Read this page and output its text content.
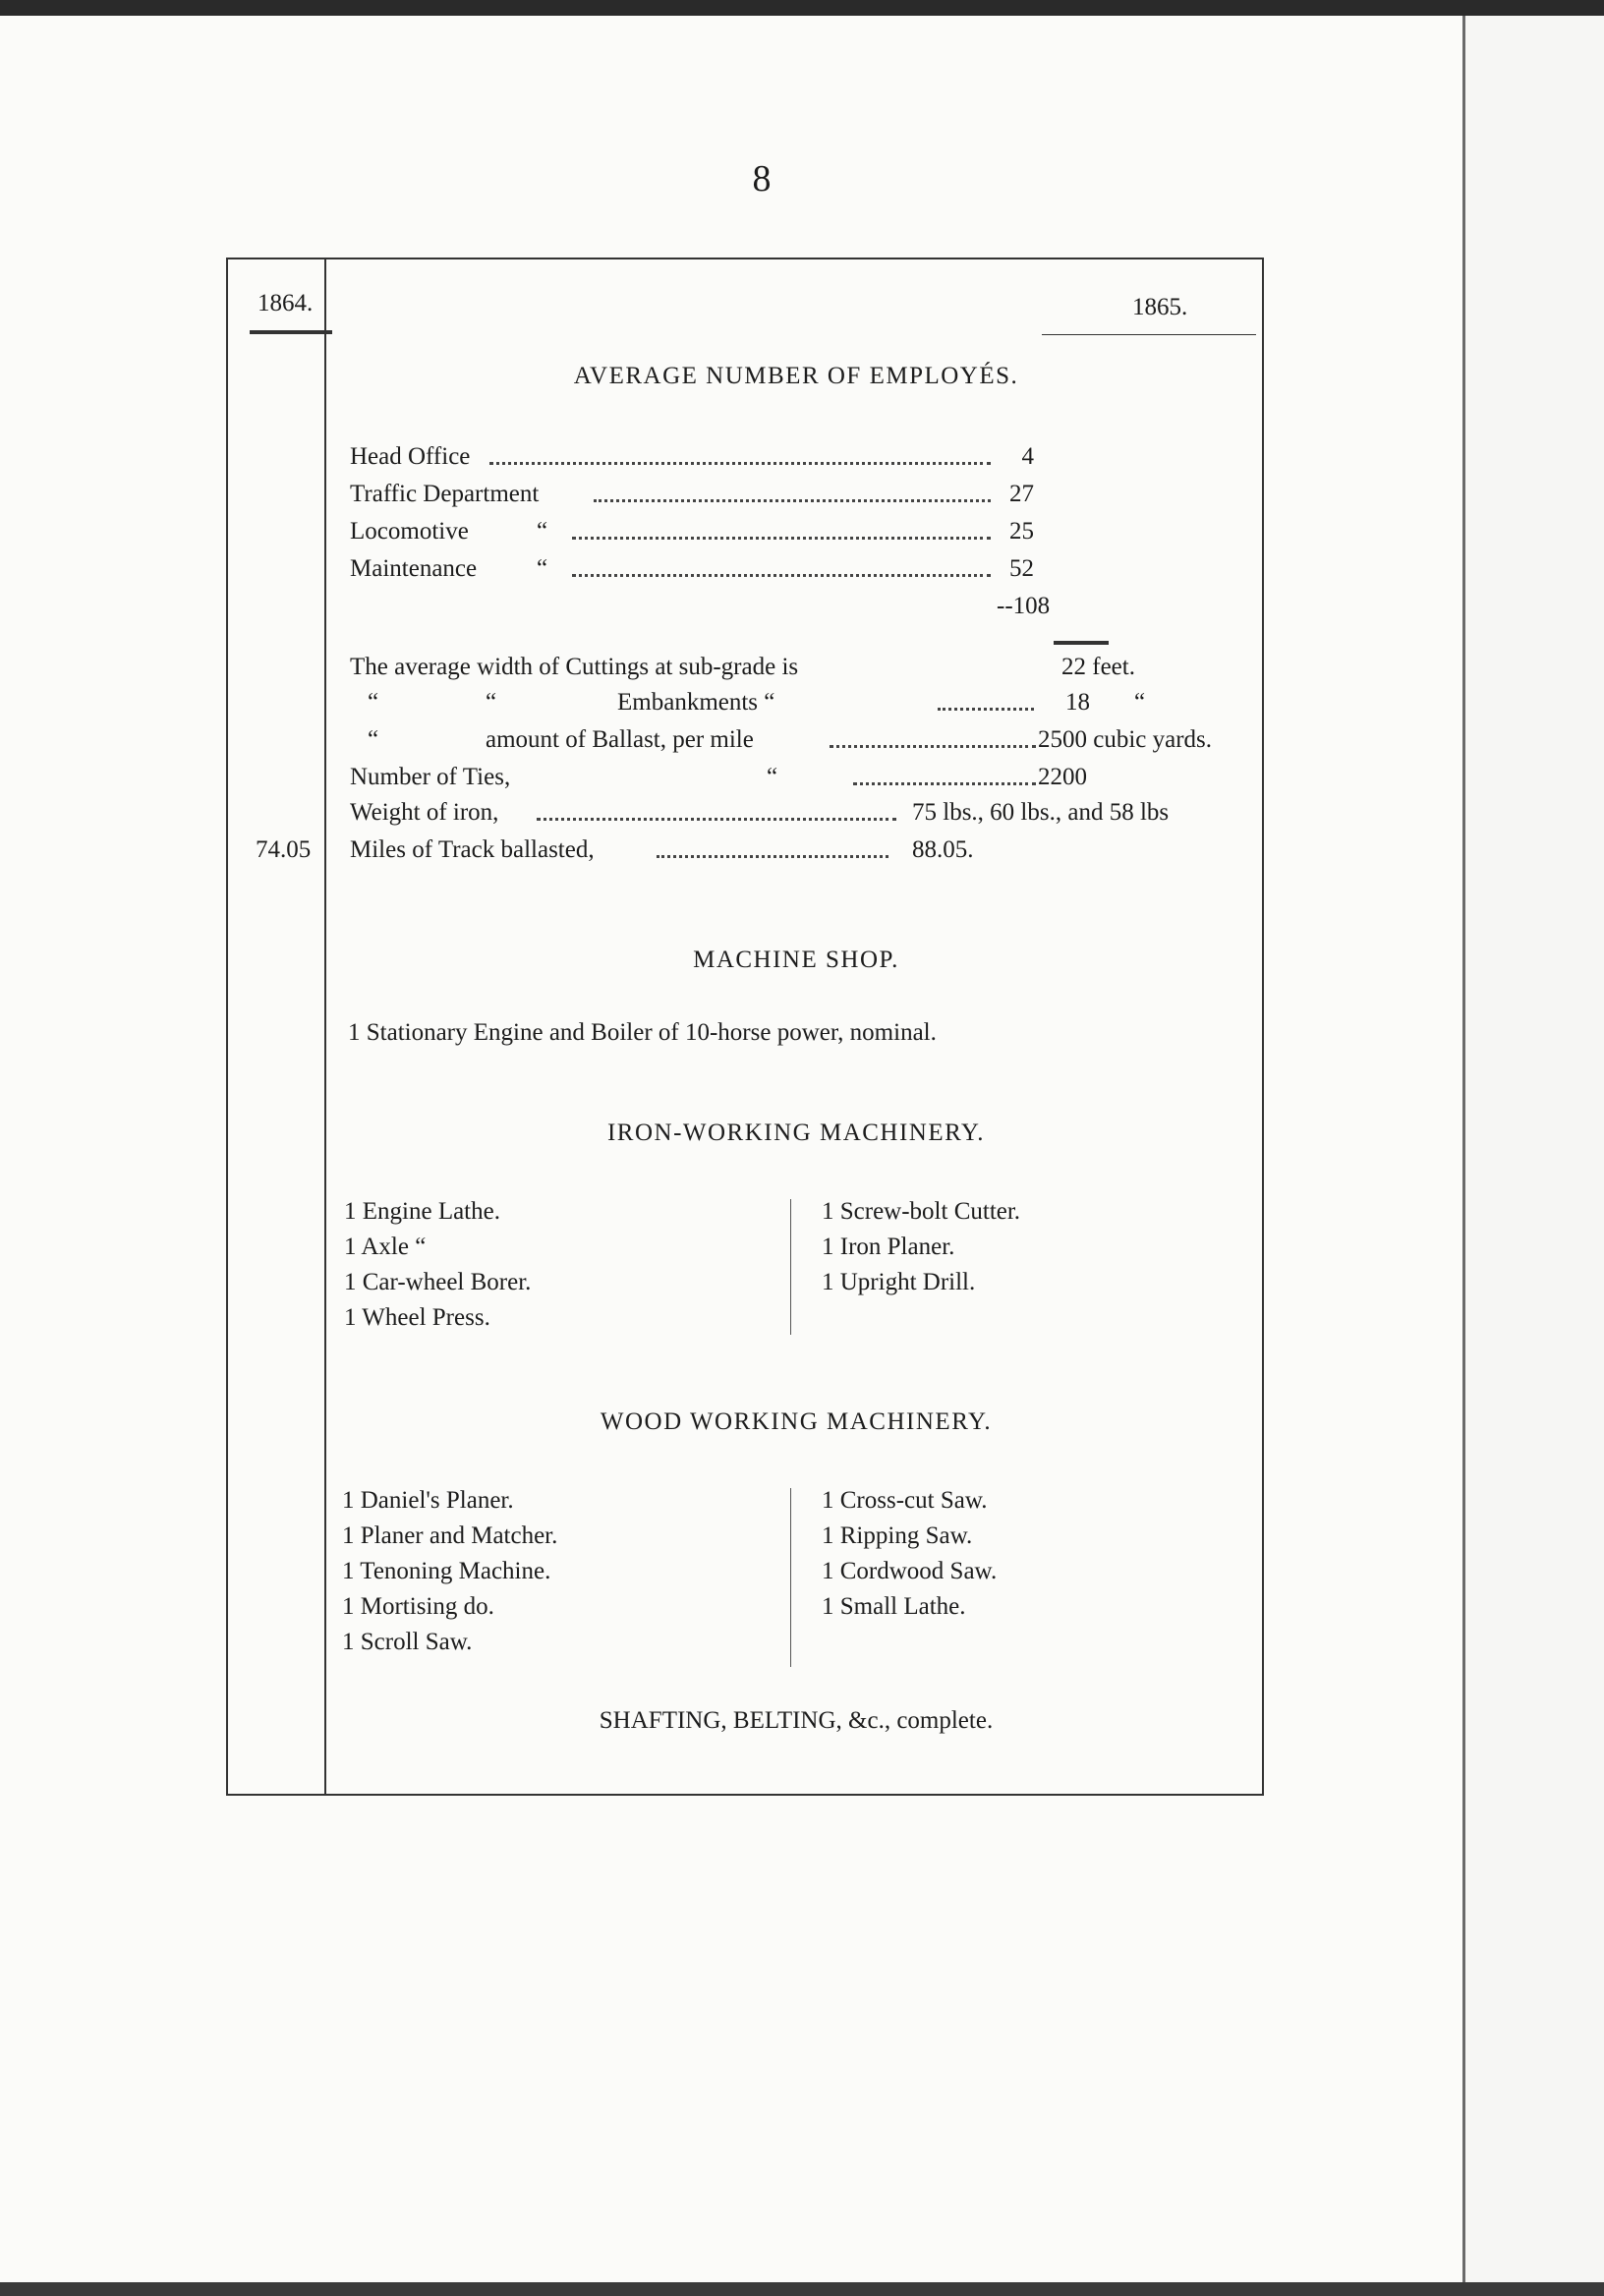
8
1864.	1865.
AVERAGE NUMBER OF EMPLOYÉS.
Head Office	4
Traffic Department	27
Locomotive	“	25
Maintenance “	52
--108
The average width of Cuttings at sub-grade is	22 feet.
“	“	Embankments “	18 “
“	amount of Ballast, per mile	2500 cubic yards.
Number of Ties,	“	2200
Weight of iron,	75 lbs., 60 lbs., and 58 lbs
74.05 Miles of Track ballasted,	88.05.
MACHINE SHOP.
1 Stationary Engine and Boiler of 10-horse power, nominal.
IRON-WORKING MACHINERY.
1 Engine Lathe.
1 Axle “
1 Car-wheel Borer.
1 Wheel Press.
1 Screw-bolt Cutter.
1 Iron Planer.
1 Upright Drill.
WOOD WORKING MACHINERY.
1 Daniel's Planer.
1 Planer and Matcher.
1 Tenoning Machine.
1 Mortising do.
1 Scroll Saw.
1 Cross-cut Saw.
1 Ripping Saw.
1 Cordwood Saw.
1 Small Lathe.
SHAFTING, BELTING, &c., complete.
